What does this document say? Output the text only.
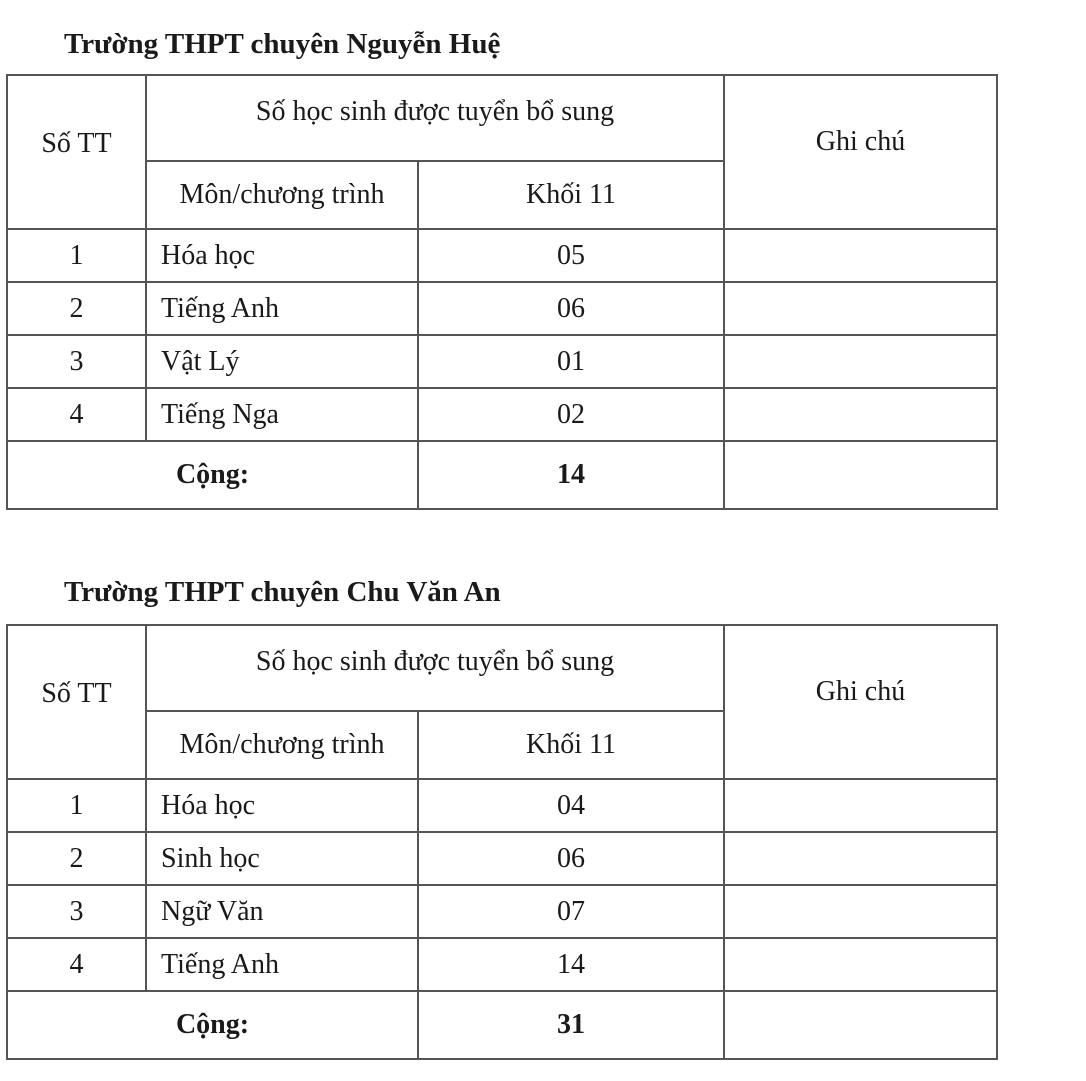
Trường THPT chuyên Nguyễn Huệ
Số TT	Số học sinh được tuyển bổ sung		Ghi chú
	Môn/chương trình	Khối 11	
1	Hóa học	05	
2	Tiếng Anh	06	
3	Vật Lý	01	
4	Tiếng Nga	02	
Cộng:		14	
Trường THPT chuyên Chu Văn An
Số TT	Số học sinh được tuyển bổ sung		Ghi chú
	Môn/chương trình	Khối 11	
1	Hóa học	04	
2	Sinh học	06	
3	Ngữ Văn	07	
4	Tiếng Anh	14	
Cộng:		31	
